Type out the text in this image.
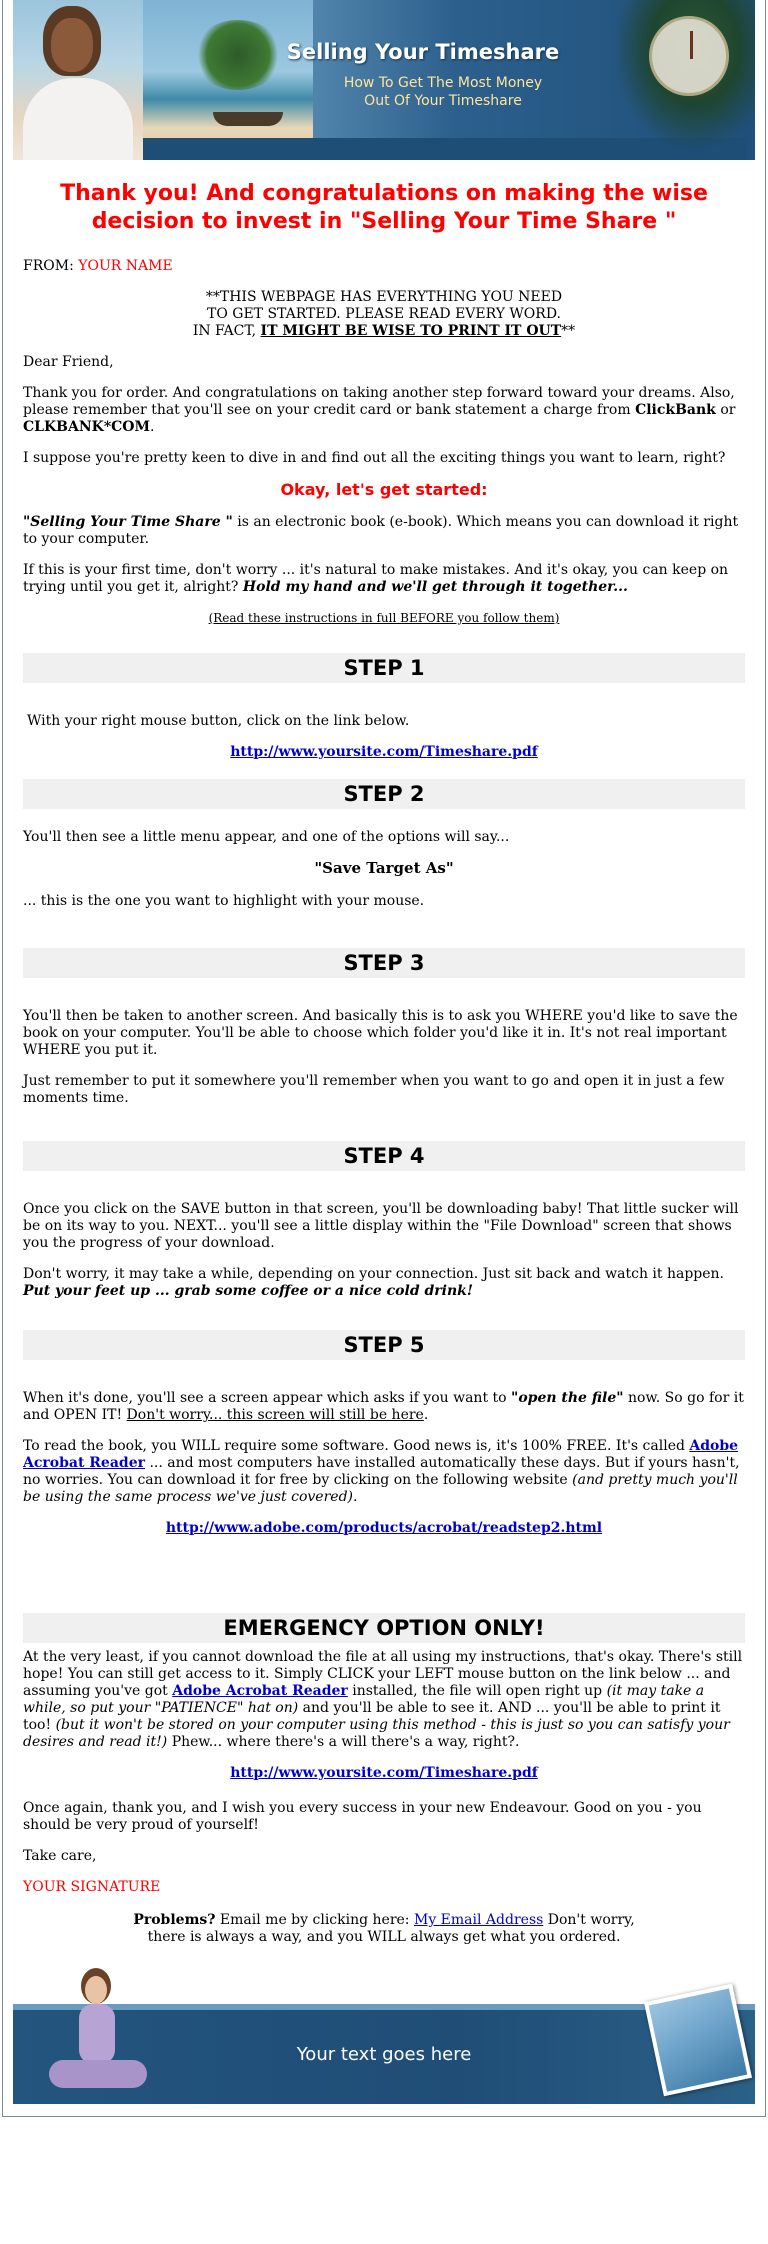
Selling Your Timeshare
How To Get The Most Money
Out Of Your Timeshare
Thank you! And congratulations on making the wise decision to invest in "Selling Your Time Share "

FROM: YOUR NAME

**THIS WEBPAGE HAS EVERYTHING YOU NEED
TO GET STARTED. PLEASE READ EVERY WORD.
IN FACT, IT MIGHT BE WISE TO PRINT IT OUT**

Dear Friend,

Thank you for order. And congratulations on taking another step forward toward your dreams. Also, please remember that you'll see on your credit card or bank statement a charge from ClickBank or CLKBANK*COM.

I suppose you're pretty keen to dive in and find out all the exciting things you want to learn, right?

Okay, let's get started:

"Selling Your Time Share " is an electronic book (e-book). Which means you can download it right to your computer.

If this is your first time, don't worry ... it's natural to make mistakes. And it's okay, you can keep on trying until you get it, alright? Hold my hand and we'll get through it together...

(Read these instructions in full BEFORE you follow them)
STEP 1

With your right mouse button, click on the link below.

http://www.yoursite.com/Timeshare.pdf
STEP 2

You'll then see a little menu appear, and one of the options will say...

"Save Target As"

... this is the one you want to highlight with your mouse.

STEP 3

You'll then be taken to another screen. And basically this is to ask you WHERE you'd like to save the book on your computer. You'll be able to choose which folder you'd like it in. It's not real important WHERE you put it.

Just remember to put it somewhere you'll remember when you want to go and open it in just a few moments time.

STEP 4

Once you click on the SAVE button in that screen, you'll be downloading baby! That little sucker will be on its way to you. NEXT... you'll see a little display within the "File Download" screen that shows you the progress of your download.

Don't worry, it may take a while, depending on your connection. Just sit back and watch it happen. Put your feet up ... grab some coffee or a nice cold drink!

STEP 5

When it's done, you'll see a screen appear which asks if you want to "open the file" now. So go for it and OPEN IT! Don't worry... this screen will still be here.

To read the book, you WILL require some software. Good news is, it's 100% FREE. It's called Adobe Acrobat Reader ... and most computers have installed automatically these days. But if yours hasn't, no worries. You can download it for free by clicking on the following website (and pretty much you'll be using the same process we've just covered).

http://www.adobe.com/products/acrobat/readstep2.html
EMERGENCY OPTION ONLY!

At the very least, if you cannot download the file at all using my instructions, that's okay. There's still hope! You can still get access to it. Simply CLICK your LEFT mouse button on the link below ... and assuming you've got Adobe Acrobat Reader installed, the file will open right up (it may take a while, so put your "PATIENCE" hat on) and you'll be able to see it. AND ... you'll be able to print it too! (but it won't be stored on your computer using this method - this is just so you can satisfy your desires and read it!) Phew... where there's a will there's a way, right?.

http://www.yoursite.com/Timeshare.pdf

Once again, thank you, and I wish you every success in your new Endeavour. Good on you - you should be very proud of yourself!

Take care,

YOUR SIGNATURE
Problems? Email me by clicking here: My Email Address Don't worry,
there is always a way, and you WILL always get what you ordered.
Your text goes here
